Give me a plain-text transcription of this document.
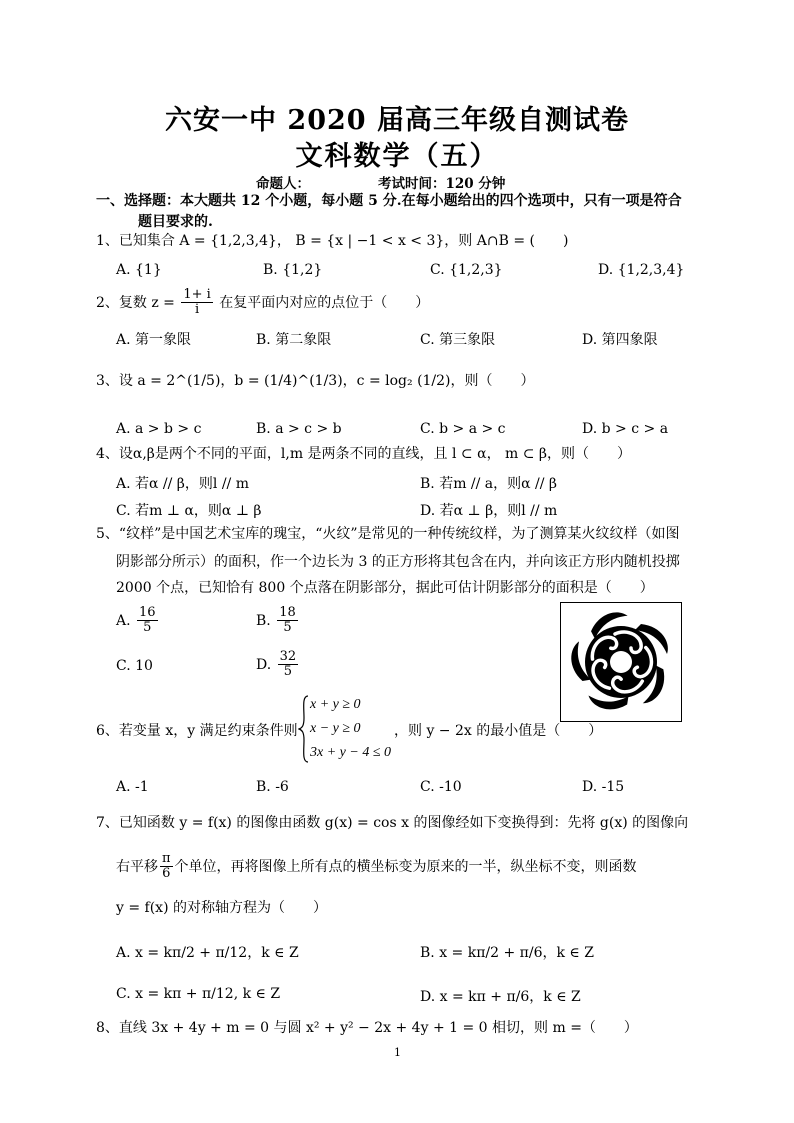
六安一中 2020 届高三年级自测试卷
文科数学（五）
命题人：	考试时间：120 分钟
一、选择题：本大题共 12 个小题，每小题 5 分.在每小题给出的四个选项中，只有一项是符合
题目要求的.
1、已知集合 A = {1,2,3,4}， B = {x | −1 < x < 3}，则 A∩B = (　　)
A. {1}	B. {1,2}	C. {1,2,3}	D. {1,2,3,4}
2、复数 $z = \frac{1+ i}{i}$ 在复平面内对应的点位于（　　）
A. 第一象限	B. 第二象限	C. 第三象限	D. 第四象限
3、设 a = 2^(1/5)，b = (1/4)^(1/3)，c = log₂ (1/2)，则（　　）
A. a > b > c	B. a > c > b	C. b > a > c	D. b > c > a
4、设α,β是两个不同的平面，l,m 是两条不同的直线，且 l ⊂ α， m ⊂ β，则（　　）
A. 若α // β，则l // m	B. 若m // a，则α // β
C. 若m ⊥ α，则α ⊥ β	D. 若α ⊥ β，则l // m
5、“纹样”是中国艺术宝库的瑰宝，“火纹”是常见的一种传统纹样，为了测算某火纹纹样（如图
阴影部分所示）的面积，作一个边长为 3 的正方形将其包含在内，并向该正方形内随机投掷
2000 个点，已知恰有 800 个点落在阴影部分，据此可估计阴影部分的面积是（　　）
A. $\frac{16}{5}$	B. $\frac{18}{5}$
C. 10	D. $\frac{32}{5}$
6、若变量 x，y 满足约束条件则
x + y ≥ 0
x − y ≥ 0
3x + y − 4 ≤ 0
，则 y − 2x 的最小值是（　　）
A. -1	B. -6	C. -10	D. -15
7、已知函数 y = f(x) 的图像由函数 g(x) = cos x 的图像经如下变换得到：先将 g(x) 的图像向
右平移 $\frac{\pi}{6}$ 个单位，再将图像上所有点的横坐标变为原来的一半，纵坐标不变，则函数
y = f(x) 的对称轴方程为（　　）
A. x = kπ/2 + π/12，k ∈ Z	B. x = kπ/2 + π/6，k ∈ Z
C. x = kπ + π/12, k ∈ Z	D. x = kπ + π/6，k ∈ Z
8、直线 3x + 4y + m = 0 与圆 x² + y² − 2x + 4y + 1 = 0 相切，则 m =（　　）
1
